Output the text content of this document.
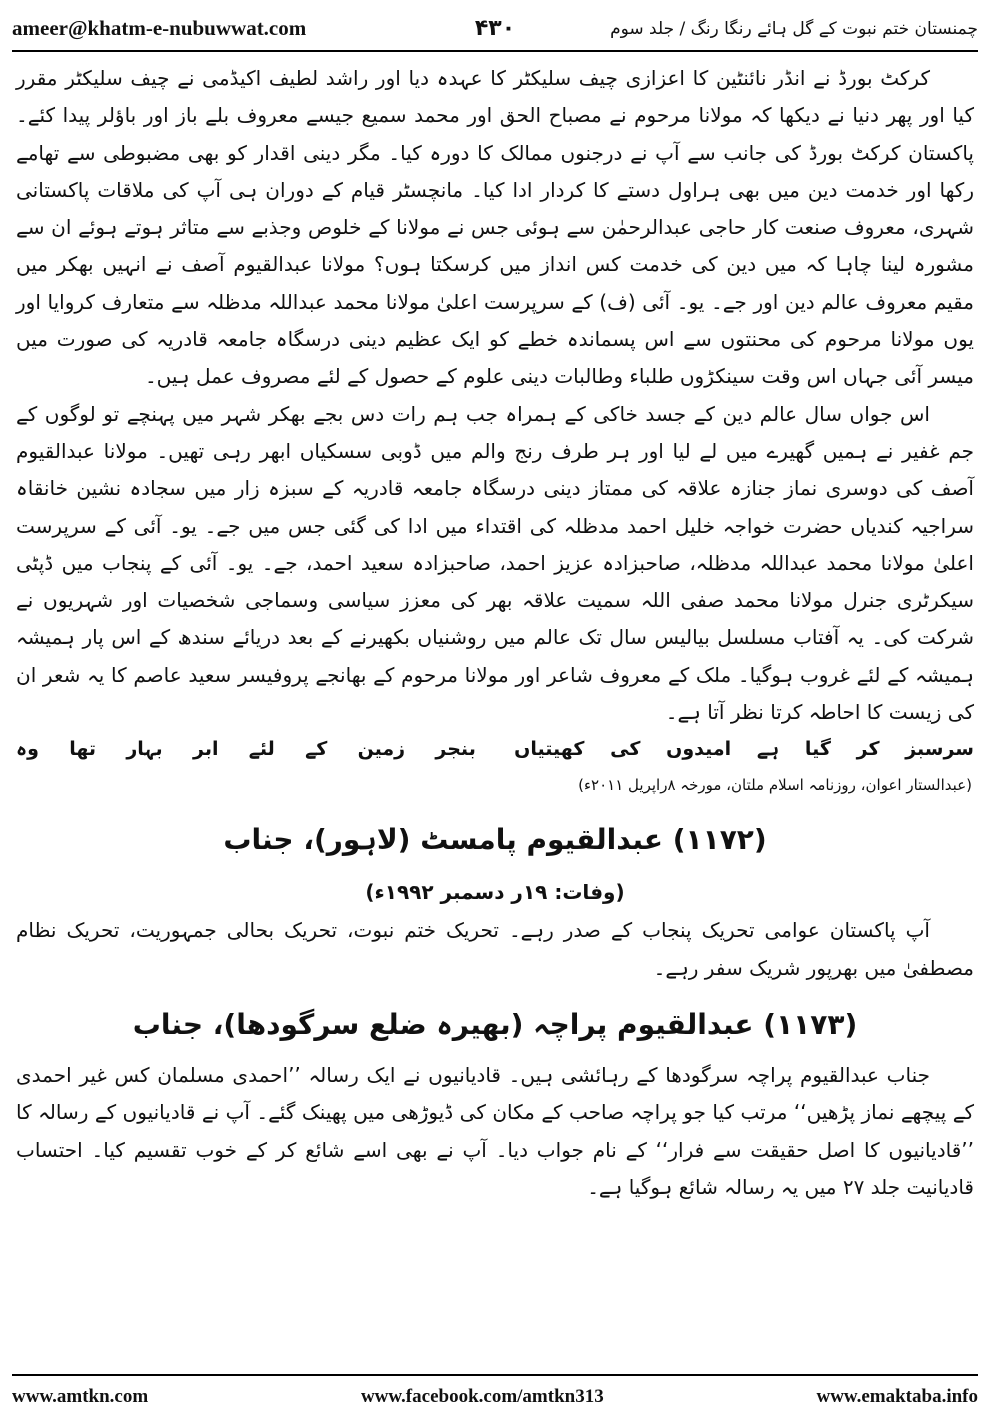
ameer@khatm-e-nubuwwat.com	۴۳۰	چمنستان ختم نبوت کے گل ہائے رنگا رنگ / جلد سوم

کرکٹ بورڈ نے انڈر نائنٹین کا اعزازی چیف سلیکٹر کا عہدہ دیا اور راشد لطیف اکیڈمی نے چیف سلیکٹر مقرر کیا اور پھر دنیا نے دیکھا کہ مولانا مرحوم نے مصباح الحق اور محمد سمیع جیسے معروف بلے باز اور باؤلر پیدا کئے۔ پاکستان کرکٹ بورڈ کی جانب سے آپ نے درجنوں ممالک کا دورہ کیا۔ مگر دینی اقدار کو بھی مضبوطی سے تھامے رکھا اور خدمت دین میں بھی ہراول دستے کا کردار ادا کیا۔ مانچسٹر قیام کے دوران ہی آپ کی ملاقات پاکستانی شہری، معروف صنعت کار حاجی عبدالرحمٰن سے ہوئی جس نے مولانا کے خلوص وجذبے سے متاثر ہوتے ہوئے ان سے مشورہ لینا چاہا کہ میں دین کی خدمت کس انداز میں کرسکتا ہوں؟ مولانا عبدالقیوم آصف نے انہیں بھکر میں مقیم معروف عالم دین اور جے۔ یو۔ آئی (ف) کے سرپرست اعلیٰ مولانا محمد عبداللہ مدظلہ سے متعارف کروایا اور یوں مولانا مرحوم کی محنتوں سے اس پسماندہ خطے کو ایک عظیم دینی درسگاہ جامعہ قادریہ کی صورت میں میسر آئی جہاں اس وقت سینکڑوں طلباء وطالبات دینی علوم کے حصول کے لئے مصروف عمل ہیں۔

اس جواں سال عالم دین کے جسد خاکی کے ہمراہ جب ہم رات دس بجے بھکر شہر میں پہنچے تو لوگوں کے جم غفیر نے ہمیں گھیرے میں لے لیا اور ہر طرف رنج والم میں ڈوبی سسکیاں ابھر رہی تھیں۔ مولانا عبدالقیوم آصف کی دوسری نماز جنازہ علاقہ کی ممتاز دینی درسگاہ جامعہ قادریہ کے سبزہ زار میں سجادہ نشین خانقاہ سراجیہ کندیاں حضرت خواجہ خلیل احمد مدظلہ کی اقتداء میں ادا کی گئی جس میں جے۔ یو۔ آئی کے سرپرست اعلیٰ مولانا محمد عبداللہ مدظلہ، صاحبزادہ عزیز احمد، صاحبزادہ سعید احمد، جے۔ یو۔ آئی کے پنجاب میں ڈپٹی سیکرٹری جنرل مولانا محمد صفی اللہ سمیت علاقہ بھر کی معزز سیاسی وسماجی شخصیات اور شہریوں نے شرکت کی۔ یہ آفتاب مسلسل بیالیس سال تک عالم میں روشنیاں بکھیرنے کے بعد دریائے سندھ کے اس پار ہمیشہ ہمیشہ کے لئے غروب ہوگیا۔ ملک کے معروف شاعر اور مولانا مرحوم کے بھانجے پروفیسر سعید عاصم کا یہ شعر ان کی زیست کا احاطہ کرتا نظر آتا ہے۔

سرسبز کر گیا ہے امیدوں کی کھیتیاں
بنجر زمین کے لئے ابر بہار تھا وہ

(عبدالستار اعوان، روزنامہ اسلام ملتان، مورخہ ۸راپریل ۲۰۱۱ء)

(۱۱۷۲) عبدالقیوم پامسٹ (لاہور)، جناب

(وفات: ۱۹ر دسمبر ۱۹۹۲ء)

آپ پاکستان عوامی تحریک پنجاب کے صدر رہے۔ تحریک ختم نبوت، تحریک بحالی جمہوریت، تحریک نظام مصطفیٰ میں بھرپور شریک سفر رہے۔

(۱۱۷۳) عبدالقیوم پراچہ (بھیرہ ضلع سرگودھا)، جناب

جناب عبدالقیوم پراچہ سرگودھا کے رہائشی ہیں۔ قادیانیوں نے ایک رسالہ ’’احمدی مسلمان کس غیر احمدی کے پیچھے نماز پڑھیں‘‘ مرتب کیا جو پراچہ صاحب کے مکان کی ڈیوڑھی میں پھینک گئے۔ آپ نے قادیانیوں کے رسالہ کا ’’قادیانیوں کا اصل حقیقت سے فرار‘‘ کے نام جواب دیا۔ آپ نے بھی اسے شائع کر کے خوب تقسیم کیا۔ احتساب قادیانیت جلد ۲۷ میں یہ رسالہ شائع ہوگیا ہے۔

www.amtkn.com	www.facebook.com/amtkn313	www.emaktaba.info
